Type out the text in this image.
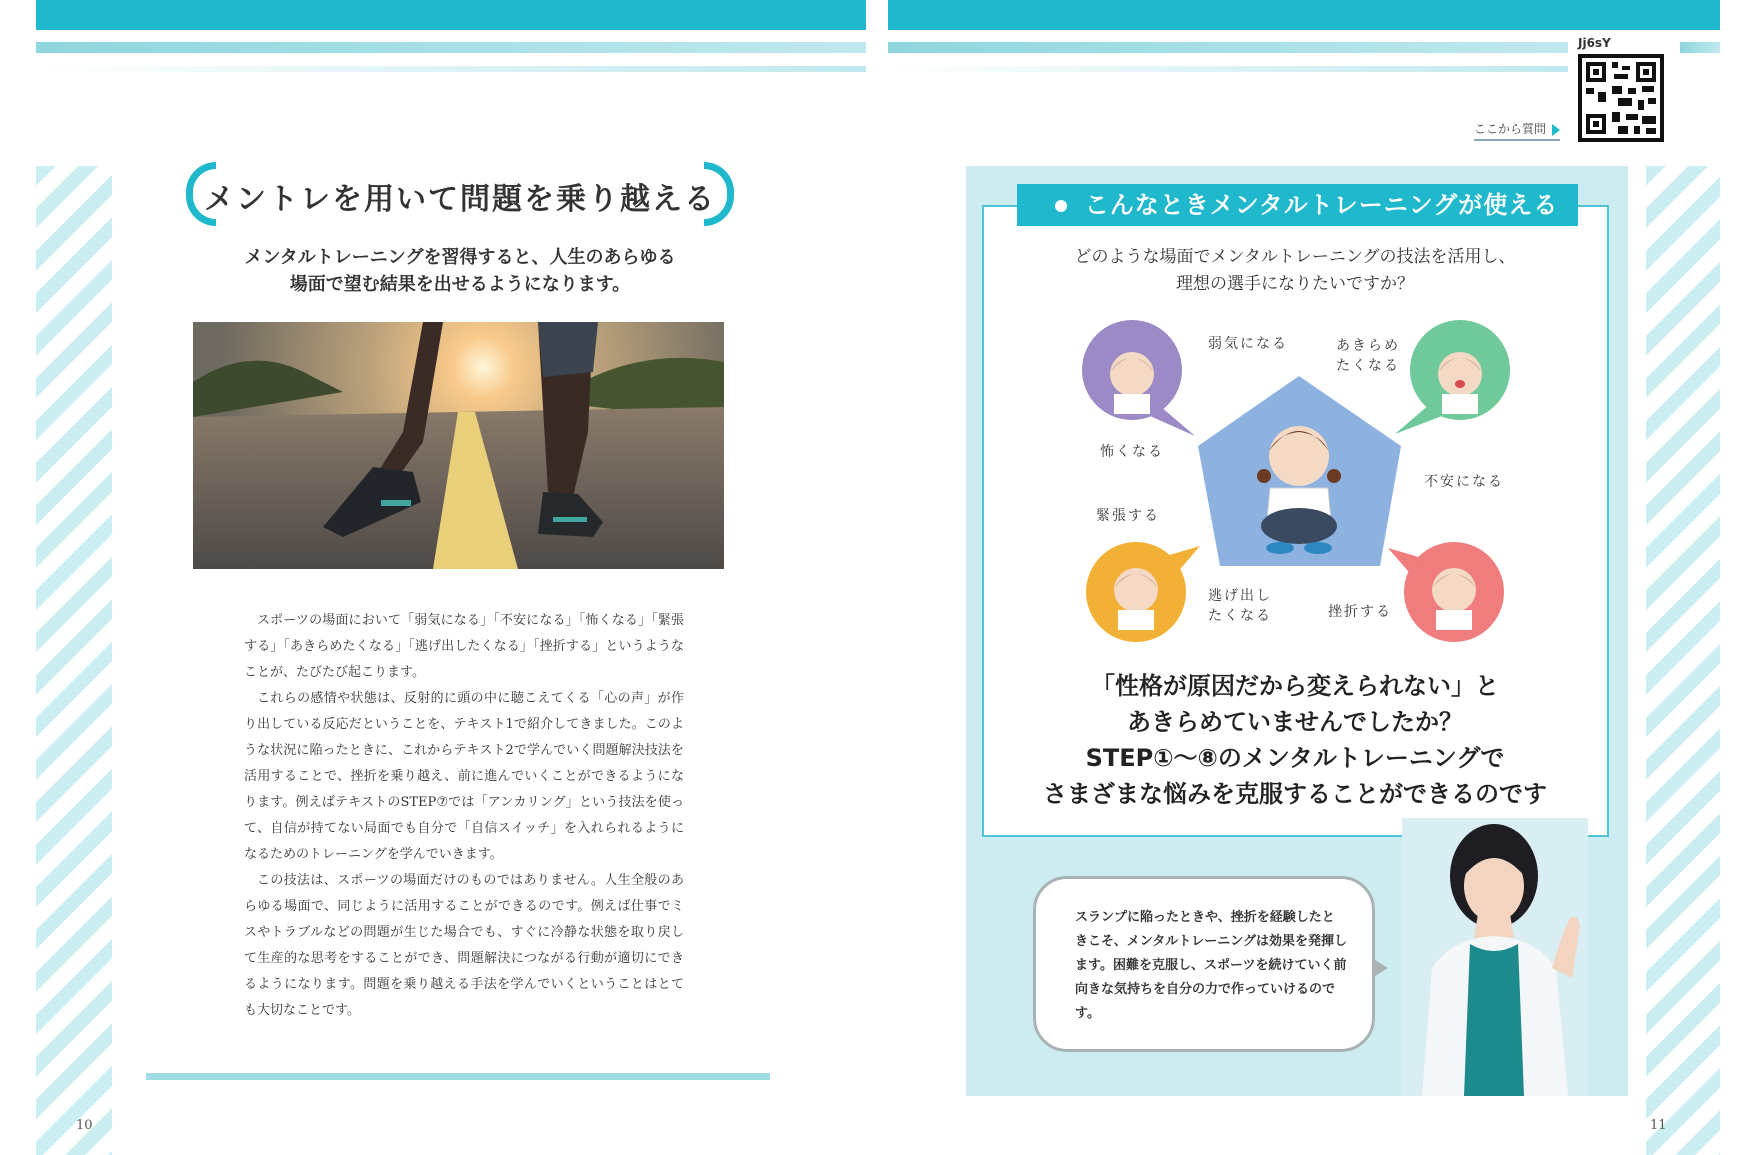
メントレを用いて問題を乗り越える
メンタルトレーニングを習得すると、人生のあらゆる
場面で望む結果を出せるようになります。

スポーツの場面において「弱気になる」「不安になる」「怖くなる」「緊張する」「あきらめたくなる」「逃げ出したくなる」「挫折する」というようなことが、たびたび起こります。

これらの感情や状態は、反射的に頭の中に聴こえてくる「心の声」が作り出している反応だということを、テキスト1で紹介してきました。このような状況に陥ったときに、これからテキスト2で学んでいく問題解決技法を活用することで、挫折を乗り越え、前に進んでいくことができるようになります。例えばテキストのSTEP⑦では「アンカリング」という技法を使って、自信が持てない局面でも自分で「自信スイッチ」を入れられるようになるためのトレーニングを学んでいきます。

この技法は、スポーツの場面だけのものではありません。人生全般のあらゆる場面で、同じように活用することができるのです。例えば仕事でミスやトラブルなどの問題が生じた場合でも、すぐに冷静な状態を取り戻して生産的な思考をすることができ、問題解決につながる行動が適切にできるようになります。問題を乗り越える手法を学んでいくということはとても大切なことです。

10
Jj6sY
ここから質問
こんなときメンタルトレーニングが使える
どのような場面でメンタルトレーニングの技法を活用し、
理想の選手になりたいですか？
弱気になる	あきらめ
たくなる
怖くなる
不安になる
緊張する
逃げ出し
たくなる	挫折する
「性格が原因だから変えられない」と
あきらめていませんでしたか？
STEP①～⑧のメンタルトレーニングで
さまざまな悩みを克服することができるのです
スランプに陥ったときや、挫折を経験したときこそ、メンタルトレーニングは効果を発揮します。困難を克服し、スポーツを続けていく前向きな気持ちを自分の力で作っていけるのです。
11
